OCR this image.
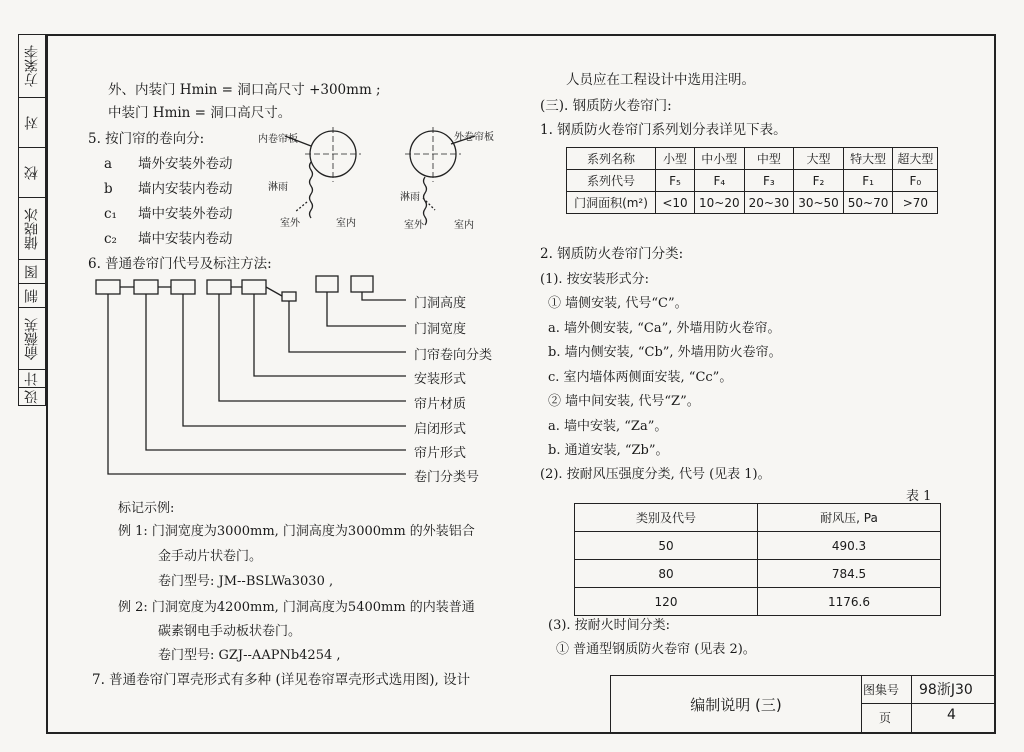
方案李
对
校
储晓冰
图
制
俞薇英
计
设
外、内装门 Hmin = 洞口高尺寸 +300mm ;
中装门 Hmin = 洞口高尺寸。
5. 按门帘的卷向分:
a 墙外安装外卷动
b 墙内安装内卷动
c₁ 墙中安装外卷动
c₂ 墙中安装内卷动
内卷帘板
淋雨
室外	室内
外卷帘板
淋雨
室外	室内
6. 普通卷帘门代号及标注方法:
门洞高度
门洞宽度
门帘卷向分类
安装形式
帘片材质
启闭形式
帘片形式
卷门分类号
标记示例:
例 1: 门洞宽度为3000mm, 门洞高度为3000mm 的外装铝合
金手动片状卷门。
卷门型号: JM--BSLWa3030 ,
例 2: 门洞宽度为4200mm, 门洞高度为5400mm 的内装普通
碳素钢电手动板状卷门。
卷门型号: GZJ--AAPNb4254 ,
7. 普通卷帘门罩壳形式有多种 (详见卷帘罩壳形式选用图), 设计
人员应在工程设计中选用注明。
(三). 钢质防火卷帘门:
1. 钢质防火卷帘门系列划分表详见下表。
系列名称	小型	中小型	中型	大型	特大型	超大型
系列代号	F₅	F₄	F₃	F₂	F₁	F₀
门洞面积(m²)	<10	10~20	20~30	30~50	50~70	>70
2. 钢质防火卷帘门分类:
(1). 按安装形式分:
① 墙侧安装, 代号“C”。
a. 墙外侧安装, “Ca”, 外墙用防火卷帘。
b. 墙内侧安装, “Cb”, 外墙用防火卷帘。
c. 室内墙体两侧面安装, “Cc”。
② 墙中间安装, 代号“Z”。
a. 墙中安装, “Za”。
b. 通道安装, “Zb”。
(2). 按耐风压强度分类, 代号 (见表 1)。
表 1
类别及代号	耐风压, Pa
50	490.3
80	784.5
120	1176.6
(3). 按耐火时间分类:
① 普通型钢质防火卷帘 (见表 2)。
编制说明 (三)
图集号 98浙J30
页	4
